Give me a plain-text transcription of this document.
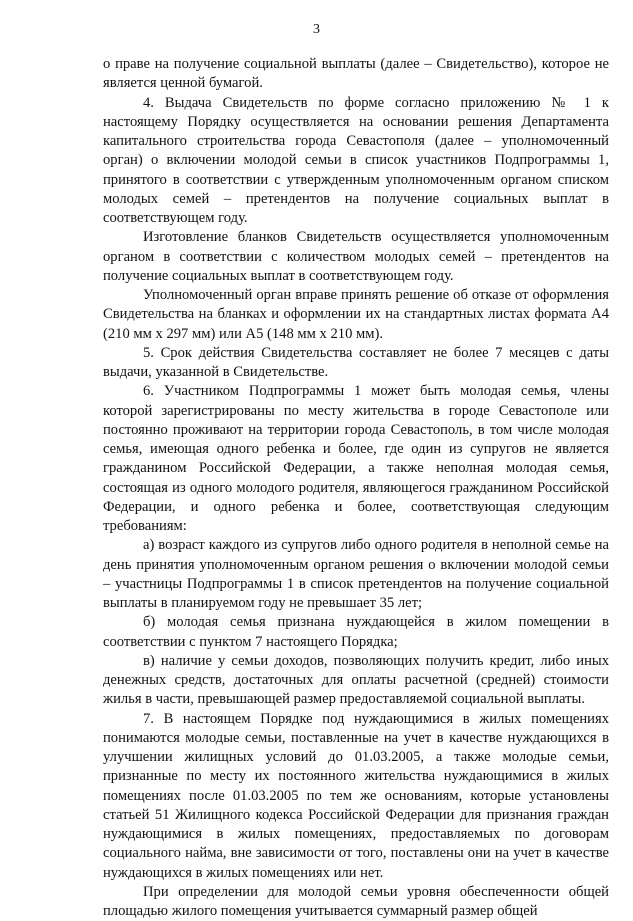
3

о праве на получение социальной выплаты (далее – Свидетельство), которое не является ценной бумагой.

4. Выдача Свидетельств по форме согласно приложению № 1 к настоящему Порядку осуществляется на основании решения Департамента капитального строительства города Севастополя (далее – уполномоченный орган) о включении молодой семьи в список участников Подпрограммы 1, принятого в соответствии с утвержденным уполномоченным органом списком молодых семей – претендентов на получение социальных выплат в соответствующем году.

Изготовление бланков Свидетельств осуществляется уполномоченным органом в соответствии с количеством молодых семей – претендентов на получение социальных выплат в соответствующем году.

Уполномоченный орган вправе принять решение об отказе от оформления Свидетельства на бланках и оформлении их на стандартных листах формата А4 (210 мм х 297 мм) или А5 (148 мм х 210 мм).

5. Срок действия Свидетельства составляет не более 7 месяцев с даты выдачи, указанной в Свидетельстве.

6. Участником Подпрограммы 1 может быть молодая семья, члены которой зарегистрированы по месту жительства в городе Севастополе или постоянно проживают на территории города Севастополь, в том числе молодая семья, имеющая одного ребенка и более, где один из супругов не является гражданином Российской Федерации, а также неполная молодая семья, состоящая из одного молодого родителя, являющегося гражданином Российской Федерации, и одного ребенка и более, соответствующая следующим требованиям:

а) возраст каждого из супругов либо одного родителя в неполной семье на день принятия уполномоченным органом решения о включении молодой семьи – участницы Подпрограммы 1 в список претендентов на получение социальной выплаты в планируемом году не превышает 35 лет;

б) молодая семья признана нуждающейся в жилом помещении в соответствии с пунктом 7 настоящего Порядка;

в) наличие у семьи доходов, позволяющих получить кредит, либо иных денежных средств, достаточных для оплаты расчетной (средней) стоимости жилья в части, превышающей размер предоставляемой социальной выплаты.

7. В настоящем Порядке под нуждающимися в жилых помещениях понимаются молодые семьи, поставленные на учет в качестве нуждающихся в улучшении жилищных условий до 01.03.2005, а также молодые семьи, признанные по месту их постоянного жительства нуждающимися в жилых помещениях после 01.03.2005 по тем же основаниям, которые установлены статьей 51 Жилищного кодекса Российской Федерации для признания граждан нуждающимися в жилых помещениях, предоставляемых по договорам социального найма, вне зависимости от того, поставлены они на учет в качестве нуждающихся в жилых помещениях или нет.

При определении для молодой семьи уровня обеспеченности общей площадью жилого помещения учитывается суммарный размер общей
